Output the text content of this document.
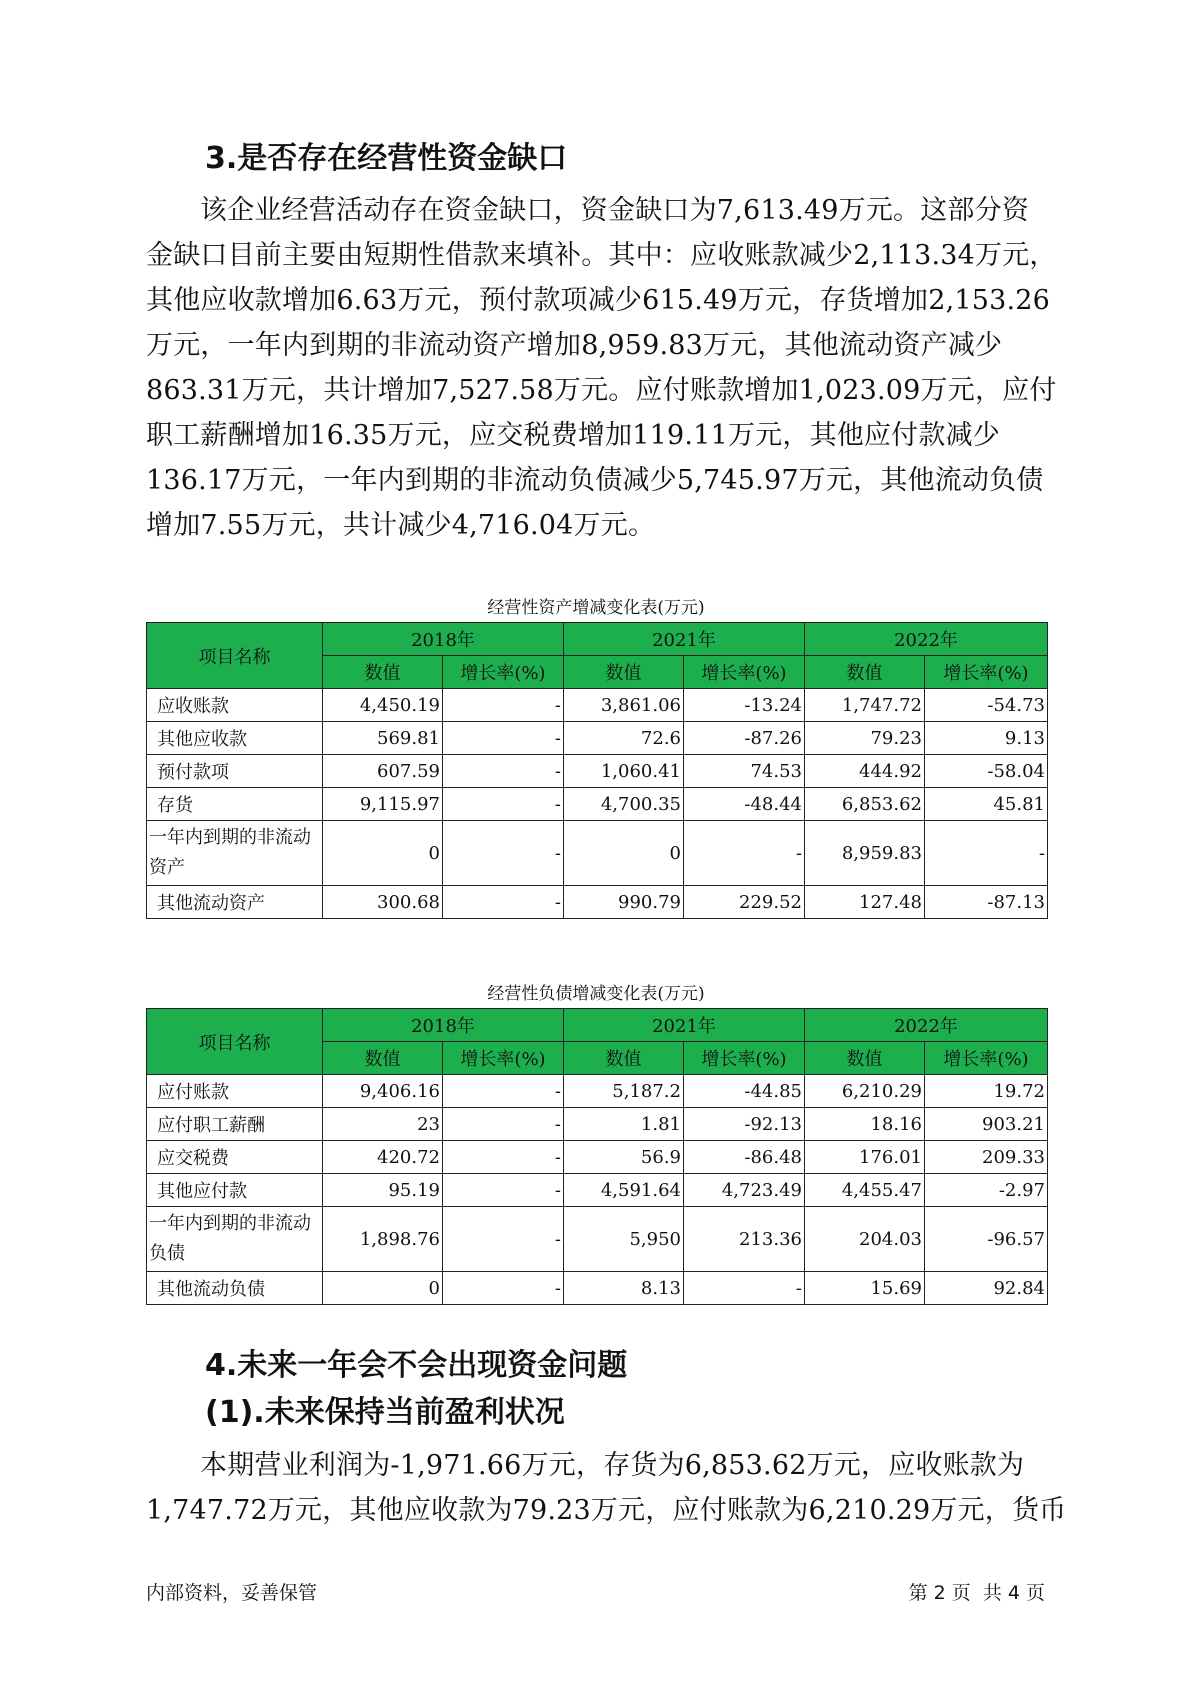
3.是否存在经营性资金缺口
该企业经营活动存在资金缺口，资金缺口为7,613.49万元。这部分资
金缺口目前主要由短期性借款来填补。其中：应收账款减少2,113.34万元，
其他应收款增加6.63万元，预付款项减少615.49万元，存货增加2,153.26
万元，一年内到期的非流动资产增加8,959.83万元，其他流动资产减少
863.31万元，共计增加7,527.58万元。应付账款增加1,023.09万元，应付
职工薪酬增加16.35万元，应交税费增加119.11万元，其他应付款减少
136.17万元，一年内到期的非流动负债减少5,745.97万元，其他流动负债
增加7.55万元，共计减少4,716.04万元。
经营性资产增减变化表(万元)
项目名称	2018年		2021年		2022年	
	数值	增长率(%)	数值	增长率(%)	数值	增长率(%)
应收账款	4,450.19	-	3,861.06	-13.24	1,747.72	-54.73
其他应收款	569.81	-	72.6	-87.26	79.23	9.13
预付款项	607.59	-	1,060.41	74.53	444.92	-58.04
存货	9,115.97	-	4,700.35	-48.44	6,853.62	45.81
一年内到期的非流动资产	0	-	0	-	8,959.83	-
其他流动资产	300.68	-	990.79	229.52	127.48	-87.13
经营性负债增减变化表(万元)
项目名称	2018年		2021年		2022年	
	数值	增长率(%)	数值	增长率(%)	数值	增长率(%)
应付账款	9,406.16	-	5,187.2	-44.85	6,210.29	19.72
应付职工薪酬	23	-	1.81	-92.13	18.16	903.21
应交税费	420.72	-	56.9	-86.48	176.01	209.33
其他应付款	95.19	-	4,591.64	4,723.49	4,455.47	-2.97
一年内到期的非流动负债	1,898.76	-	5,950	213.36	204.03	-96.57
其他流动负债	0	-	8.13	-	15.69	92.84
4.未来一年会不会出现资金问题
(1).未来保持当前盈利状况
本期营业利润为-1,971.66万元，存货为6,853.62万元，应收账款为
1,747.72万元，其他应收款为79.23万元，应付账款为6,210.29万元，货币
内部资料，妥善保管	第 2 页  共 4 页
